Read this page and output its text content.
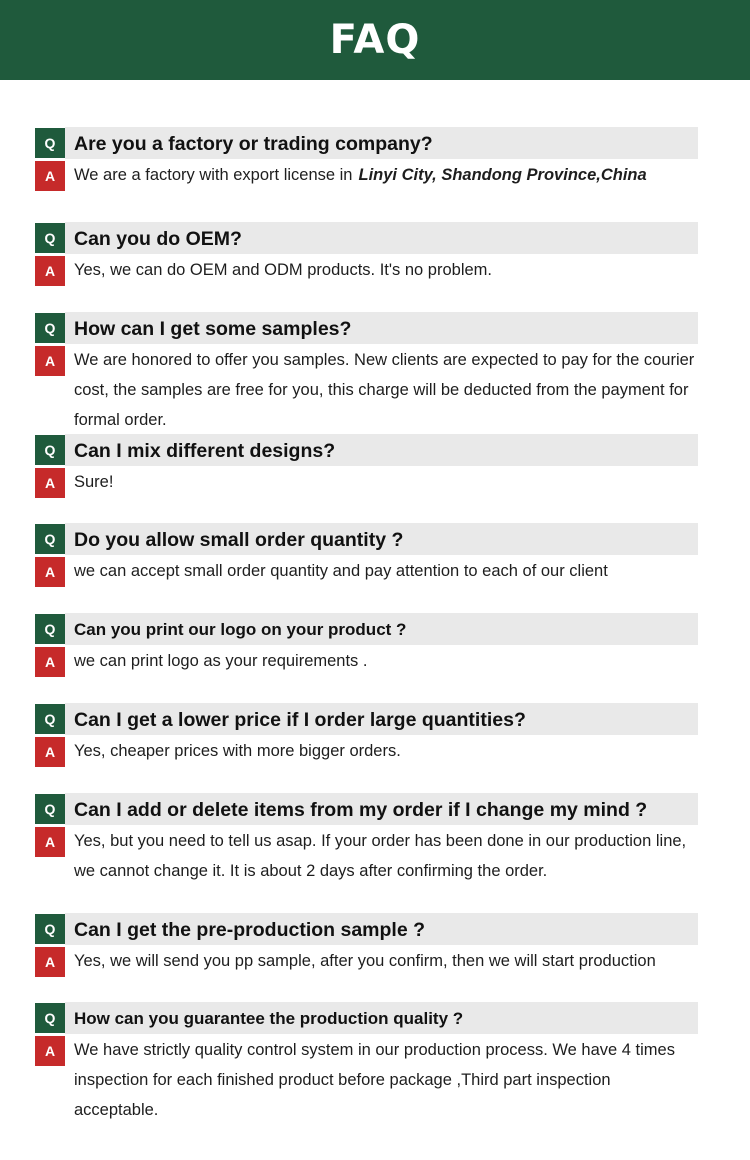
FAQ
Q Are you a factory or trading company?
A	We are a factory with export license in Linyi City, Shandong Province,China
Q Can you do OEM?
A	Yes, we can do OEM and ODM products. It's no problem.
Q How can I get some samples?
A	We are honored to offer you samples. New clients are expected to pay for the courier cost, the samples are free for you, this charge will be deducted from the payment for formal order.
Q Can I mix different designs?
A	Sure!
Q Do you allow small order quantity ?
A	we can accept small order quantity and pay attention to each of our client
Q	Can you print our logo on your product ?
A	we can print logo as your requirements .
Q Can I get a lower price if I order large quantities?
A	Yes, cheaper prices with more bigger orders.
Q Can I add or delete items from my order if I change my mind ?
A	Yes, but you need to tell us asap. If your order has been done in our production line, we cannot change it. It is about 2 days after confirming the order.
Q Can I get the pre-production sample ?
A	Yes, we will send you pp sample, after you confirm, then we will start production
Q	How can you guarantee the production quality ?
A	We have strictly quality control system in our production process. We have 4 times inspection for each finished product before package ,Third part inspection acceptable.
